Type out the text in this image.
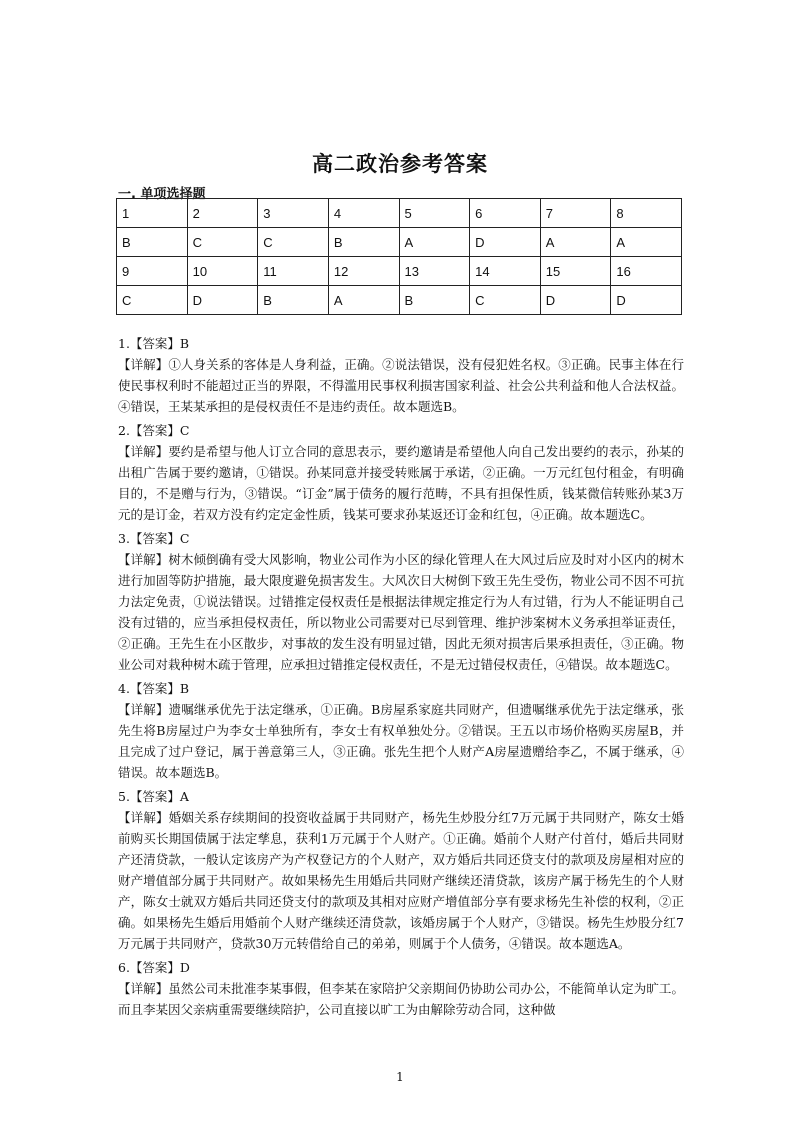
高二政治参考答案
一. 单项选择题
1	2	3	4	5	6	7	8
B	C	C	B	A	D	A	A
9	10	11	12	13	14	15	16
C	D	B	A	B	C	D	D

1.【答案】B

【详解】①人身关系的客体是人身利益，正确。②说法错误，没有侵犯姓名权。③正确。民事主体在行使民事权利时不能超过正当的界限，不得滥用民事权利损害国家利益、社会公共利益和他人合法权益。④错误，王某某承担的是侵权责任不是违约责任。故本题选B。

2.【答案】C

【详解】要约是希望与他人订立合同的意思表示，要约邀请是希望他人向自己发出要约的表示，孙某的出租广告属于要约邀请，①错误。孙某同意并接受转账属于承诺，②正确。一万元红包付租金，有明确目的，不是赠与行为，③错误。“订金”属于债务的履行范畴，不具有担保性质，钱某微信转账孙某3万元的是订金，若双方没有约定定金性质，钱某可要求孙某返还订金和红包，④正确。故本题选C。

3.【答案】C

【详解】树木倾倒确有受大风影响，物业公司作为小区的绿化管理人在大风过后应及时对小区内的树木进行加固等防护措施，最大限度避免损害发生。大风次日大树倒下致王先生受伤，物业公司不因不可抗力法定免责，①说法错误。过错推定侵权责任是根据法律规定推定行为人有过错，行为人不能证明自己没有过错的，应当承担侵权责任，所以物业公司需要对已尽到管理、维护涉案树木义务承担举证责任，②正确。王先生在小区散步，对事故的发生没有明显过错，因此无须对损害后果承担责任，③正确。物业公司对栽种树木疏于管理，应承担过错推定侵权责任，不是无过错侵权责任，④错误。故本题选C。

4.【答案】B

【详解】遗嘱继承优先于法定继承，①正确。B房屋系家庭共同财产，但遗嘱继承优先于法定继承，张先生将B房屋过户为李女士单独所有，李女士有权单独处分。②错误。王五以市场价格购买房屋B，并且完成了过户登记，属于善意第三人，③正确。张先生把个人财产A房屋遗赠给李乙，不属于继承，④错误。故本题选B。

5.【答案】A

【详解】婚姻关系存续期间的投资收益属于共同财产，杨先生炒股分红7万元属于共同财产，陈女士婚前购买长期国债属于法定孳息，获利1万元属于个人财产。①正确。婚前个人财产付首付，婚后共同财产还清贷款，一般认定该房产为产权登记方的个人财产，双方婚后共同还贷支付的款项及房屋相对应的财产增值部分属于共同财产。故如果杨先生用婚后共同财产继续还清贷款，该房产属于杨先生的个人财产，陈女士就双方婚后共同还贷支付的款项及其相对应财产增值部分享有要求杨先生补偿的权利，②正确。如果杨先生婚后用婚前个人财产继续还清贷款，该婚房属于个人财产，③错误。杨先生炒股分红7万元属于共同财产，贷款30万元转借给自己的弟弟，则属于个人债务，④错误。故本题选A。

6.【答案】D

【详解】虽然公司未批准李某事假，但李某在家陪护父亲期间仍协助公司办公，不能简单认定为旷工。而且李某因父亲病重需要继续陪护，公司直接以旷工为由解除劳动合同，这种做

1
